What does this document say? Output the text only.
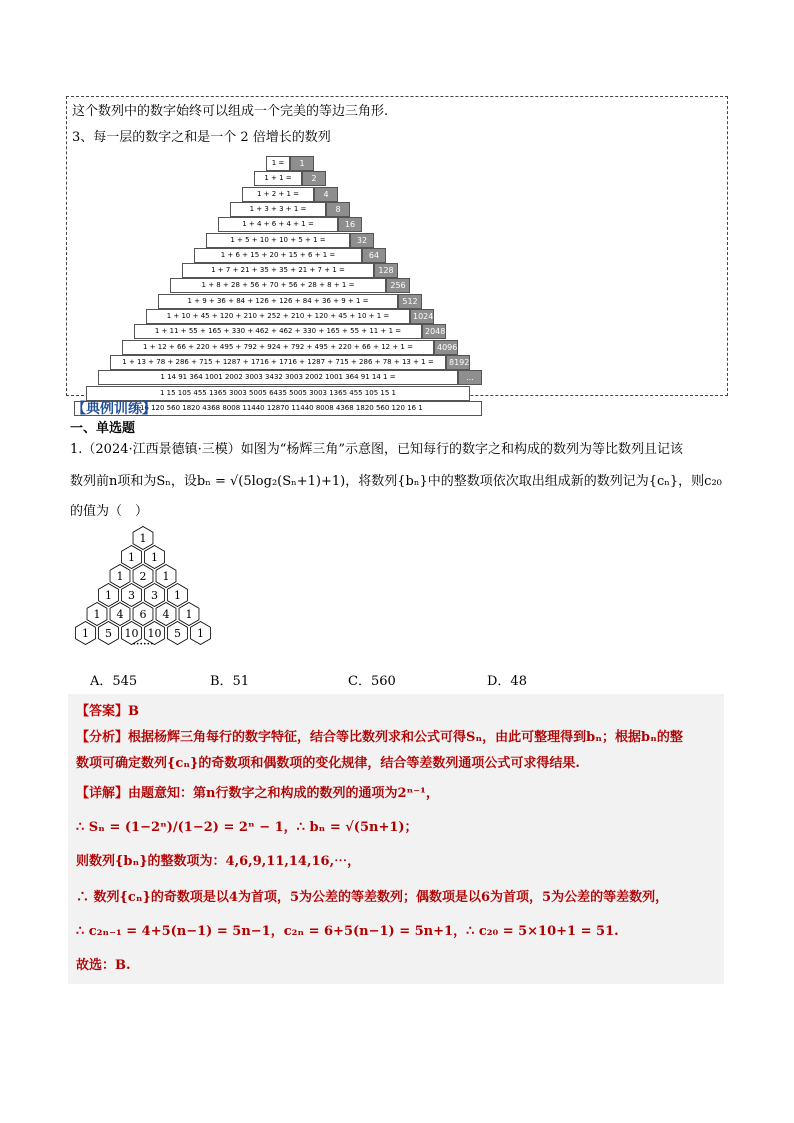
这个数列中的数字始终可以组成一个完美的等边三角形.
3、每一层的数字之和是一个 2 倍增长的数列
1 =	1
1 + 1 =	2
1 + 2 + 1 =	4
1 + 3 + 3 + 1 =	8
1 + 4 + 6 + 4 + 1 =	16
1 + 5 + 10 + 10 + 5 + 1 =	32
1 + 6 + 15 + 20 + 15 + 6 + 1 =	64
1 + 7 + 21 + 35 + 35 + 21 + 7 + 1 =	128
1 + 8 + 28 + 56 + 70 + 56 + 28 + 8 + 1 =	256
1 + 9 + 36 + 84 + 126 + 126 + 84 + 36 + 9 + 1 =	512
1 + 10 + 45 + 120 + 210 + 252 + 210 + 120 + 45 + 10 + 1 =	1024
1 + 11 + 55 + 165 + 330 + 462 + 462 + 330 + 165 + 55 + 11 + 1 =	2048
1 + 12 + 66 + 220 + 495 + 792 + 924 + 792 + 495 + 220 + 66 + 12 + 1 =	4096
1 + 13 + 78 + 286 + 715 + 1287 + 1716 + 1716 + 1287 + 715 + 286 + 78 + 13 + 1 =	8192
1 14 91 364 1001 2002 3003 3432 3003 2002 1001 364 91 14 1 =	...
1 15 105 455 1365 3003 5005 6435 5005 3003 1365 455 105 15 1
1 16 120 560 1820 4368 8008 11440 12870 11440 8008 4368 1820 560 120 16 1
【典例训练】
一、单选题
1.（2024·江西景德镇·三模）如图为“杨辉三角”示意图，已知每行的数字之和构成的数列为等比数列且记该
数列前n项和为Sₙ，设bₙ = √(5log₂(Sₙ+1)+1)，将数列{bₙ}中的整数项依次取出组成新的数列记为{cₙ}，则c₂₀
的值为（　）
1
1 1
1 2 1
1 3 3 1
1 4 6 4 1
1 5 10 10 5 1
••••••
A．545	B．51	C．560	D．48
【答案】B
【分析】根据杨辉三角每行的数字特征，结合等比数列求和公式可得Sₙ，由此可整理得到bₙ；根据bₙ的整
数项可确定数列{cₙ}的奇数项和偶数项的变化规律，结合等差数列通项公式可求得结果.
【详解】由题意知：第n行数字之和构成的数列的通项为2ⁿ⁻¹，
∴ Sₙ = (1−2ⁿ)/(1−2) = 2ⁿ − 1，∴ bₙ = √(5n+1)；
则数列{bₙ}的整数项为：4,6,9,11,14,16,⋯，
∴ 数列{cₙ}的奇数项是以4为首项，5为公差的等差数列；偶数项是以6为首项，5为公差的等差数列，
∴ c₂ₙ₋₁ = 4+5(n−1) = 5n−1，c₂ₙ = 6+5(n−1) = 5n+1，∴ c₂₀ = 5×10+1 = 51.
故选：B.
